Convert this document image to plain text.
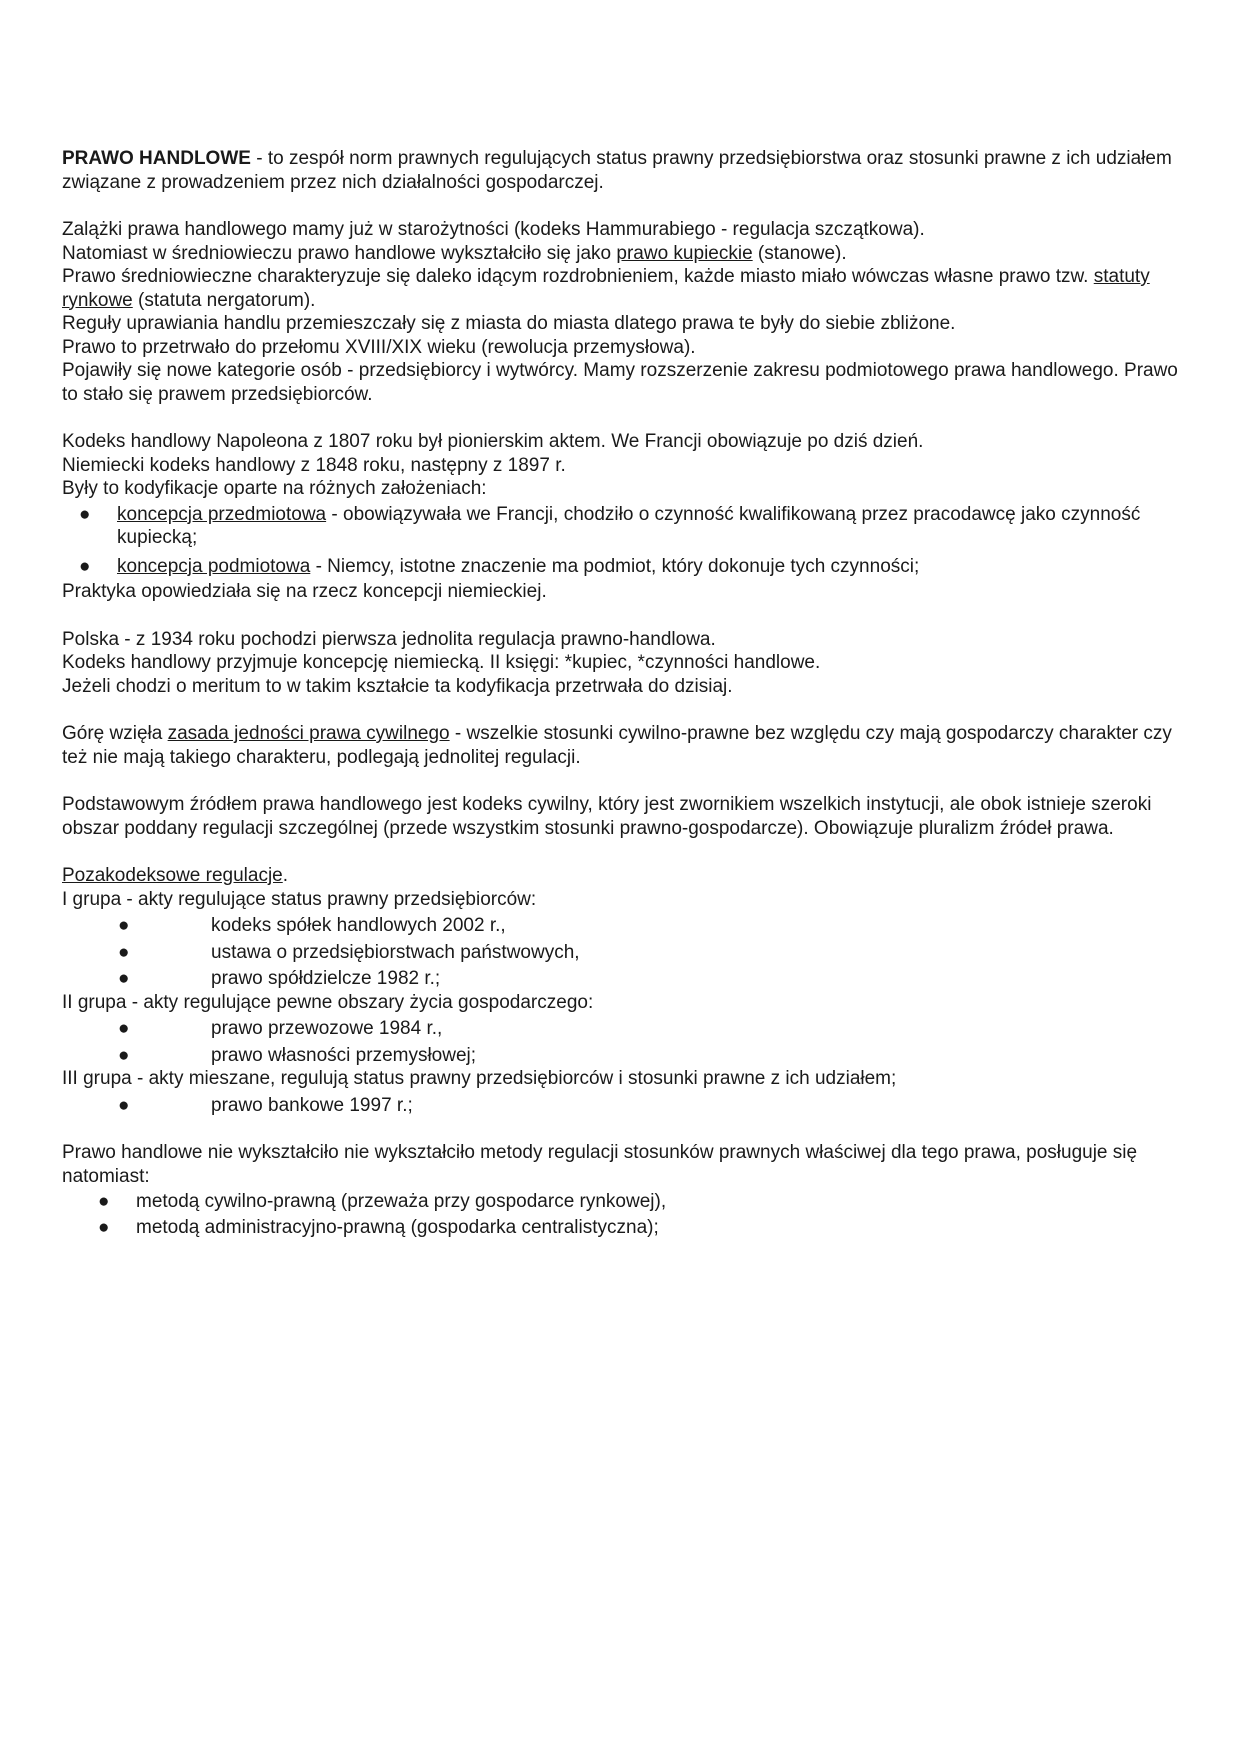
PRAWO HANDLOWE - to zespół norm prawnych regulujących status prawny przedsiębiorstwa oraz stosunki prawne z ich udziałem związane z prowadzeniem przez nich działalności gospodarczej.

Zalążki prawa handlowego mamy już w starożytności (kodeks Hammurabiego - regulacja szczątkowa).

Natomiast w średniowieczu prawo handlowe wykształciło się jako prawo kupieckie (stanowe).

Prawo średniowieczne charakteryzuje się daleko idącym rozdrobnieniem, każde miasto miało wówczas własne prawo tzw. statuty rynkowe (statuta nergatorum).

Reguły uprawiania handlu przemieszczały się z miasta do miasta dlatego prawa te były do siebie zbliżone.

Prawo to przetrwało do przełomu XVIII/XIX wieku (rewolucja przemysłowa).

Pojawiły się nowe kategorie osób - przedsiębiorcy i wytwórcy. Mamy rozszerzenie zakresu podmiotowego prawa handlowego. Prawo to stało się prawem przedsiębiorców.

Kodeks handlowy Napoleona z 1807 roku był pionierskim aktem. We Francji obowiązuje po dziś dzień.

Niemiecki kodeks handlowy z 1848 roku, następny z 1897 r.

Były to kodyfikacje oparte na różnych założeniach:

● koncepcja przedmiotowa - obowiązywała we Francji, chodziło o czynność kwalifikowaną przez pracodawcę jako czynność kupiecką;
● koncepcja podmiotowa - Niemcy, istotne znaczenie ma podmiot, który dokonuje tych czynności;

Praktyka opowiedziała się na rzecz koncepcji niemieckiej.

Polska - z 1934 roku pochodzi pierwsza jednolita regulacja prawno-handlowa.

Kodeks handlowy przyjmuje koncepcję niemiecką. II księgi: *kupiec, *czynności handlowe.

Jeżeli chodzi o meritum to w takim kształcie ta kodyfikacja przetrwała do dzisiaj.

Górę wzięła zasada jedności prawa cywilnego - wszelkie stosunki cywilno-prawne bez względu czy mają gospodarczy charakter czy też nie mają takiego charakteru, podlegają jednolitej regulacji.

Podstawowym źródłem prawa handlowego jest kodeks cywilny, który jest zwornikiem wszelkich instytucji, ale obok istnieje szeroki obszar poddany regulacji szczególnej (przede wszystkim stosunki prawno-gospodarcze). Obowiązuje pluralizm źródeł prawa.

Pozakodeksowe regulacje.

I grupa - akty regulujące status prawny przedsiębiorców:

●	kodeks spółek handlowych 2002 r.,
●	ustawa o przedsiębiorstwach państwowych,
●	prawo spółdzielcze 1982 r.;

II grupa - akty regulujące pewne obszary życia gospodarczego:

●	prawo przewozowe 1984 r.,
●	prawo własności przemysłowej;

III grupa - akty mieszane, regulują status prawny przedsiębiorców i stosunki prawne z ich udziałem;

●	prawo bankowe 1997 r.;

Prawo handlowe nie wykształciło nie wykształciło metody regulacji stosunków prawnych właściwej dla tego prawa, posługuje się natomiast:

● metodą cywilno-prawną (przeważa przy gospodarce rynkowej),
● metodą administracyjno-prawną (gospodarka centralistyczna);
